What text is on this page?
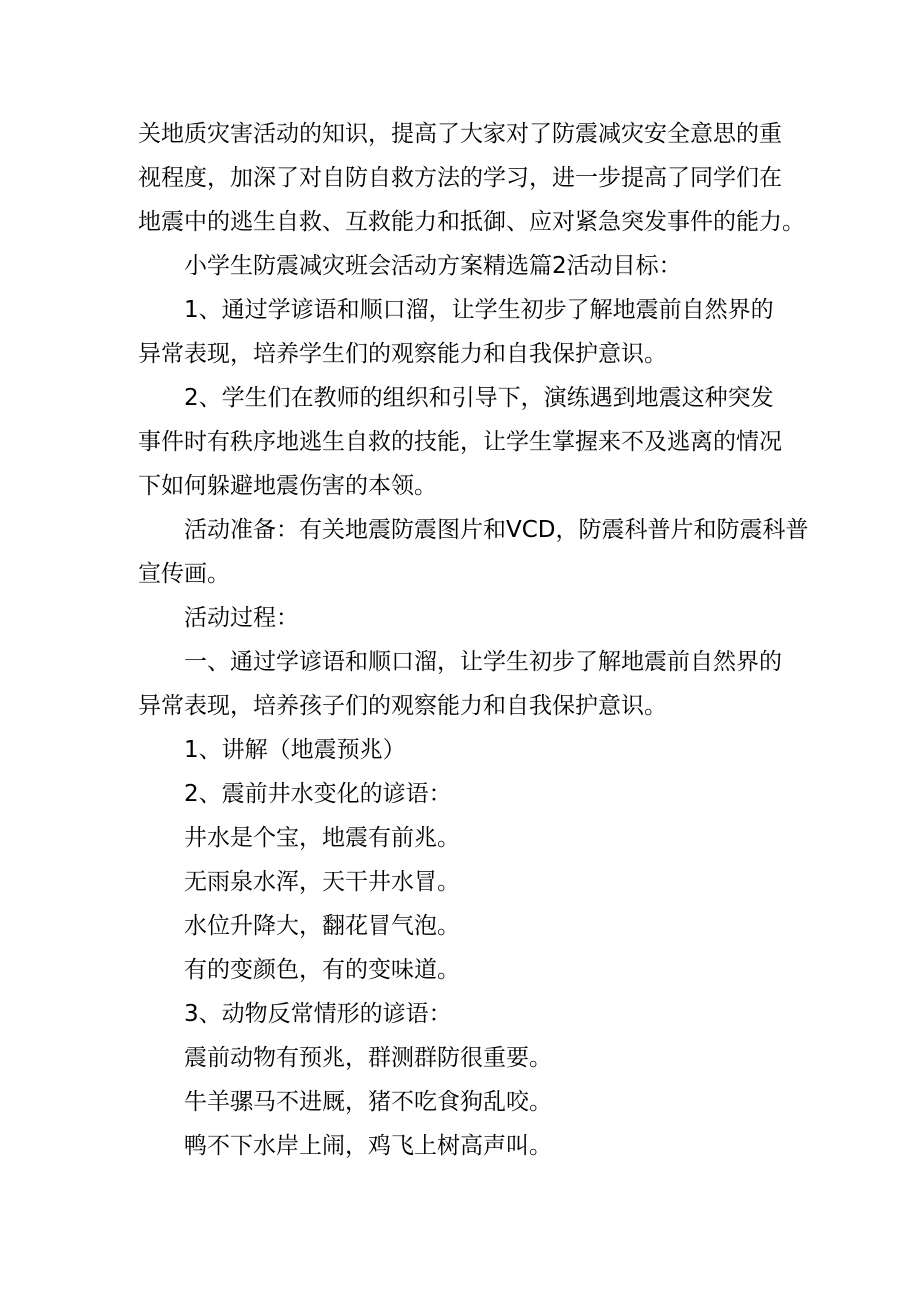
关地质灾害活动的知识，提高了大家对了防震减灾安全意思的重
视程度，加深了对自防自救方法的学习，进一步提高了同学们在
地震中的逃生自救、互救能力和抵御、应对紧急突发事件的能力。

小学生防震减灾班会活动方案精选篇2活动目标：

1、通过学谚语和顺口溜，让学生初步了解地震前自然界的
异常表现，培养学生们的观察能力和自我保护意识。

2、学生们在教师的组织和引导下，演练遇到地震这种突发
事件时有秩序地逃生自救的技能，让学生掌握来不及逃离的情况
下如何躲避地震伤害的本领。

活动准备：有关地震防震图片和VCD，防震科普片和防震科普
宣传画。

活动过程：

一、通过学谚语和顺口溜，让学生初步了解地震前自然界的
异常表现，培养孩子们的观察能力和自我保护意识。

1、讲解（地震预兆）

2、震前井水变化的谚语：

井水是个宝，地震有前兆。

无雨泉水浑，天干井水冒。

水位升降大，翻花冒气泡。

有的变颜色，有的变味道。

3、动物反常情形的谚语：

震前动物有预兆，群测群防很重要。

牛羊骡马不进厩，猪不吃食狗乱咬。

鸭不下水岸上闹，鸡飞上树高声叫。
